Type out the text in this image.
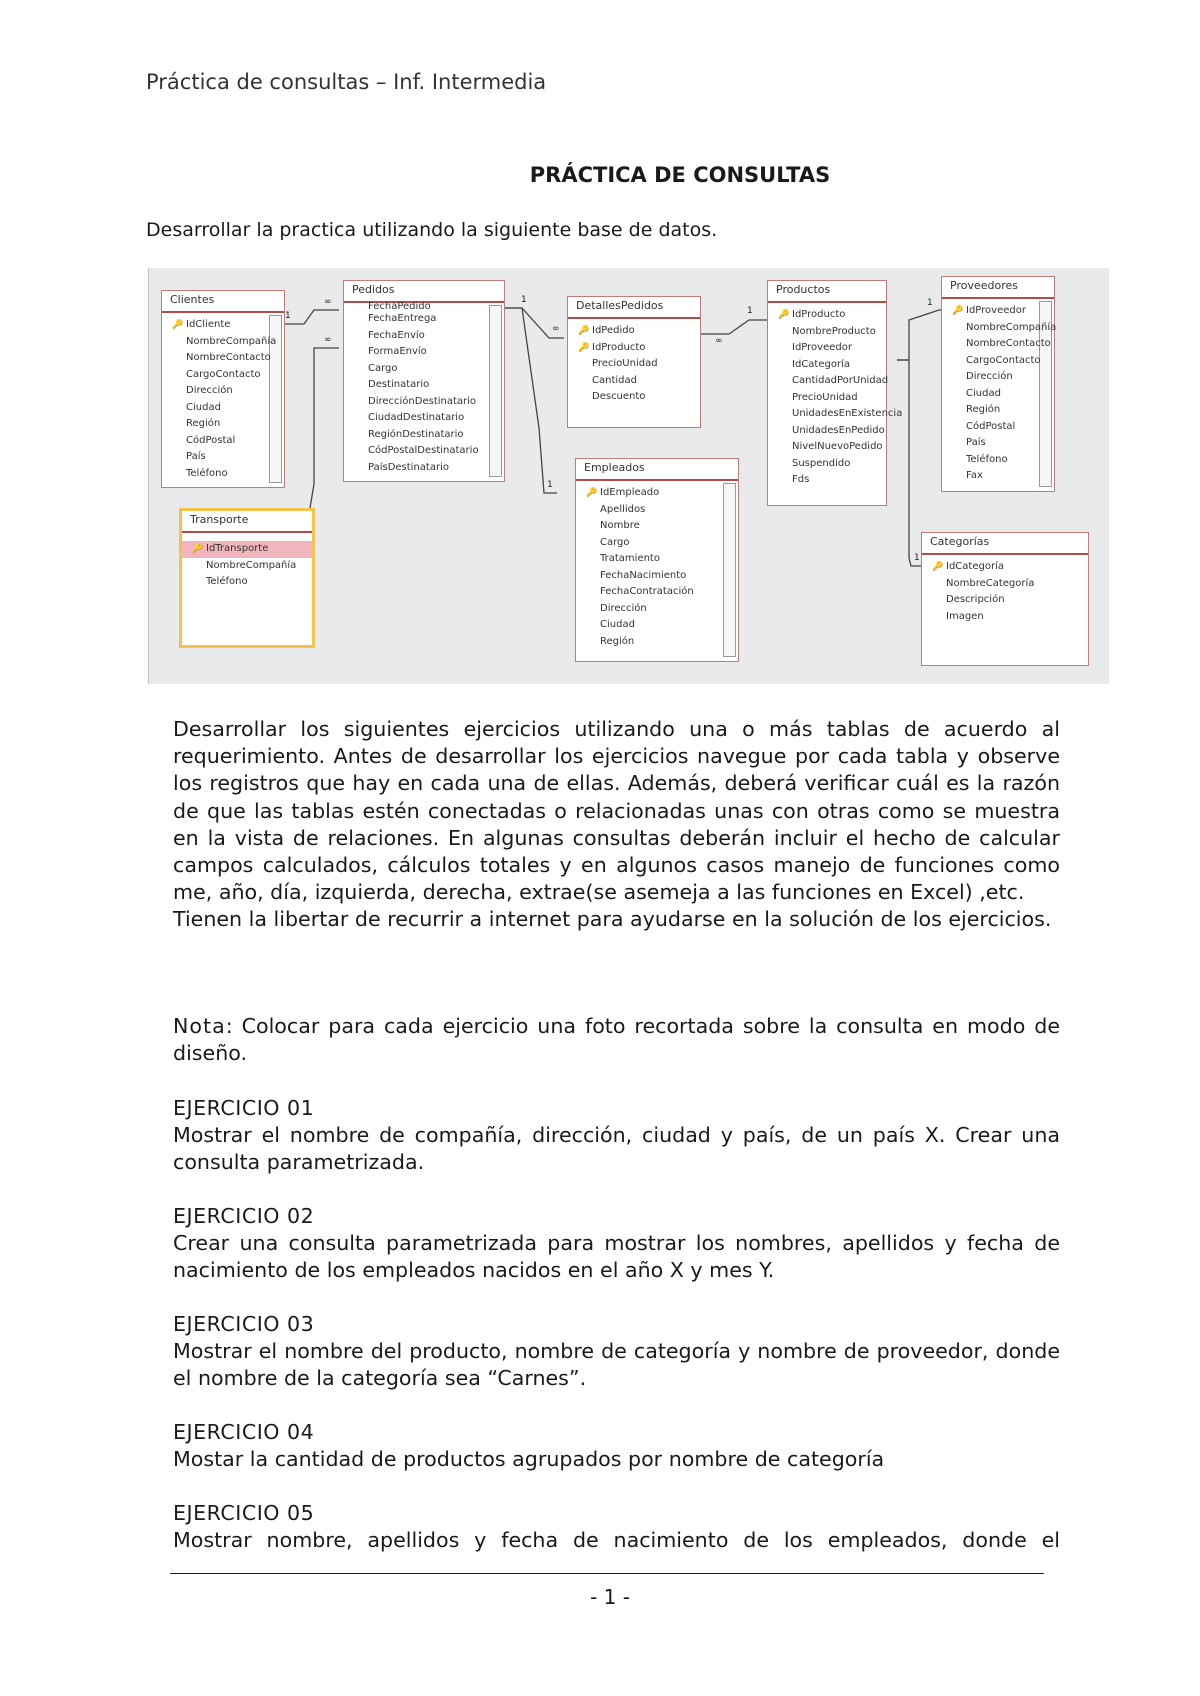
Práctica de consultas – Inf. Intermedia
PRÁCTICA DE CONSULTAS
Desarrollar la practica utilizando la siguiente base de datos.
1
∞
∞
1
∞
1
∞
1
1
1
Clientes
🔑 IdCliente
NombreCompañía
NombreContacto
CargoContacto
Dirección
Ciudad
Región
CódPostal
País
Teléfono
Pedidos
FechaPedido
FechaEntrega
FechaEnvío
FormaEnvío
Cargo
Destinatario
DirecciónDestinatario
CiudadDestinatario
RegiónDestinatario
CódPostalDestinatario
PaísDestinatario
DetallesPedidos
🔑 IdPedido
🔑 IdProducto
PrecioUnidad
Cantidad
Descuento
Productos
🔑 IdProducto
NombreProducto
IdProveedor
IdCategoría
CantidadPorUnidad
PrecioUnidad
UnidadesEnExistencia
UnidadesEnPedido
NivelNuevoPedido
Suspendido
Fds
Proveedores
🔑 IdProveedor
NombreCompañía
NombreContacto
CargoContacto
Dirección
Ciudad
Región
CódPostal
País
Teléfono
Fax
Transporte
🔑 IdTransporte
NombreCompañía
Teléfono
Empleados
🔑 IdEmpleado
Apellidos
Nombre
Cargo
Tratamiento
FechaNacimiento
FechaContratación
Dirección
Ciudad
Región
Categorías
🔑 IdCategoría
NombreCategoría
Descripción
Imagen
Desarrollar los siguientes ejercicios utilizando una o más tablas de acuerdo al requerimiento. Antes de desarrollar los ejercicios navegue por cada tabla y observe los registros que hay en cada una de ellas. Además, deberá verificar cuál es la razón de que las tablas estén conectadas o relacionadas unas con otras como se muestra en la vista de relaciones. En algunas consultas deberán incluir el hecho de calcular campos calculados, cálculos totales y en algunos casos manejo de funciones como me, año, día, izquierda, derecha, extrae(se asemeja a las funciones en Excel) ,etc.
Tienen la libertar de recurrir a internet para ayudarse en la solución de los ejercicios.
Nota: Colocar para cada ejercicio una foto recortada sobre la consulta en modo de diseño.
EJERCICIO 01

Mostrar el nombre de compañía, dirección, ciudad y país, de un país X. Crear una consulta parametrizada.

EJERCICIO 02

Crear una consulta parametrizada para mostrar los nombres, apellidos y fecha de nacimiento de los empleados nacidos en el año X y mes Y.

EJERCICIO 03

Mostrar el nombre del producto, nombre de categoría y nombre de proveedor, donde el nombre de la categoría sea “Carnes”.

EJERCICIO 04

Mostar la cantidad de productos agrupados por nombre de categoría

EJERCICIO 05

Mostrar nombre, apellidos y fecha de nacimiento de los empleados, donde el

- 1 -
